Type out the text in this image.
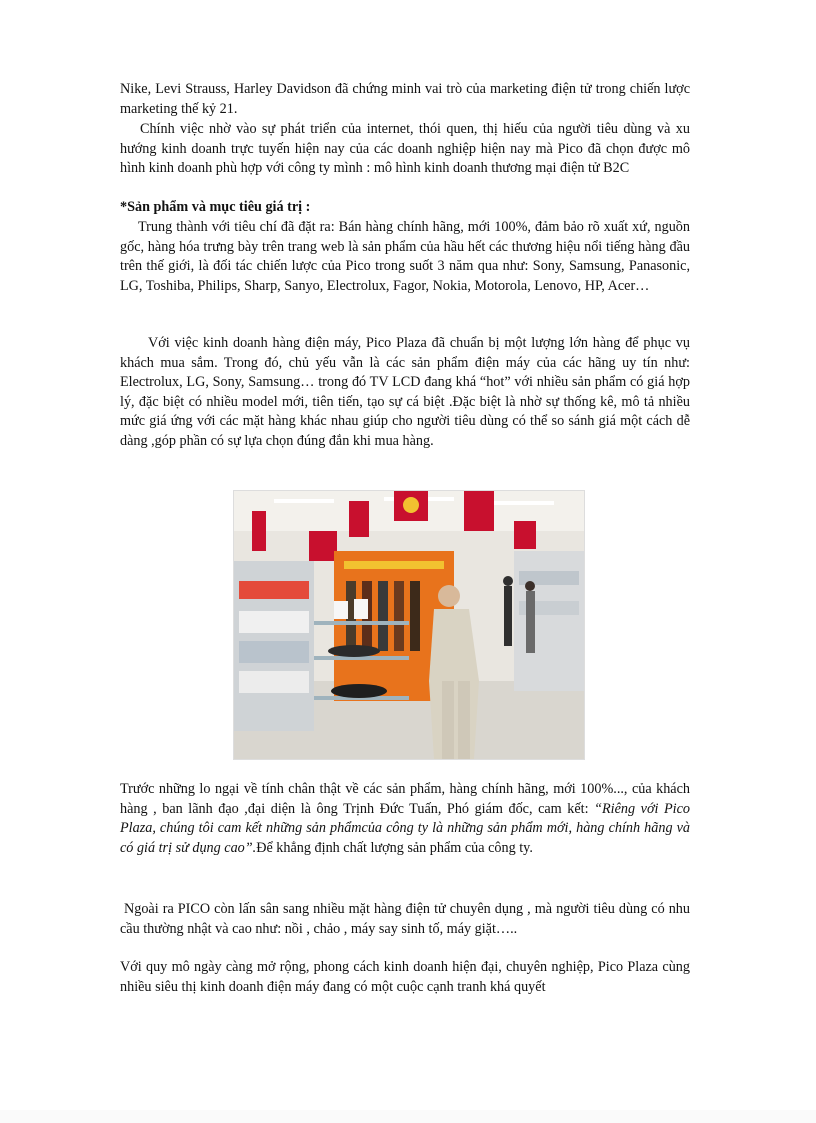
Nike, Levi Strauss, Harley Davidson đã chứng minh vai trò của marketing điện tử trong chiến lược marketing thế kỷ 21.

Chính việc nhờ vào sự phát triển của internet, thói quen, thị hiếu của người tiêu dùng và xu hướng kinh doanh trực tuyến hiện nay của các doanh nghiệp hiện nay mà Pico đã chọn được mô hình kinh doanh phù hợp với công ty mình : mô hình kinh doanh thương mại điện tử B2C

*Sản phẩm và mục tiêu giá trị :

Trung thành với tiêu chí đã đặt ra: Bán hàng chính hãng, mới 100%, đảm bảo rõ xuất xứ, nguồn gốc, hàng hóa trưng bày trên trang web là sản phẩm của hầu hết các thương hiệu nổi tiếng hàng đầu trên thế giới, là đối tác chiến lược của Pico trong suốt 3 năm qua như: Sony, Samsung, Panasonic, LG, Toshiba, Philips, Sharp, Sanyo, Electrolux, Fagor, Nokia, Motorola, Lenovo, HP, Acer…

Với việc kinh doanh hàng điện máy, Pico Plaza đã chuẩn bị một lượng lớn hàng để phục vụ khách mua sắm. Trong đó, chủ yếu vẫn là các sản phẩm điện máy của các hãng uy tín như: Electrolux, LG, Sony, Samsung… trong đó TV LCD đang khá “hot” với nhiều sản phẩm có giá hợp lý, đặc biệt có nhiều model mới, tiên tiến, tạo sự cá biệt .Đặc biệt là nhờ sự thống kê, mô tả nhiều mức giá ứng với các mặt hàng khác nhau giúp cho người tiêu dùng có thể so sánh giá một cách dễ dàng ,góp phần có sự lựa chọn đúng đắn khi mua hàng.

Trước những lo ngại về tính chân thật về các sản phẩm, hàng chính hãng, mới 100%..., của khách hàng , ban lãnh đạo ,đại diện là ông Trịnh Đức Tuấn, Phó giám đốc, cam kết: “Riêng với Pico Plaza, chúng tôi cam kết những sản phẩmcủa công ty là những sản phẩm mới, hàng chính hãng và có giá trị sử dụng cao”.Để khẳng định chất lượng sản phẩm của công ty.

Ngoài ra PICO còn lấn sân sang nhiều mặt hàng điện tử chuyên dụng , mà người tiêu dùng có nhu cầu thường nhật và cao như: nồi , chảo , máy say sinh tố, máy giặt…..

Với quy mô ngày càng mở rộng, phong cách kinh doanh hiện đại, chuyên nghiệp, Pico Plaza cùng nhiều siêu thị kinh doanh điện máy đang có một cuộc cạnh tranh khá quyết
